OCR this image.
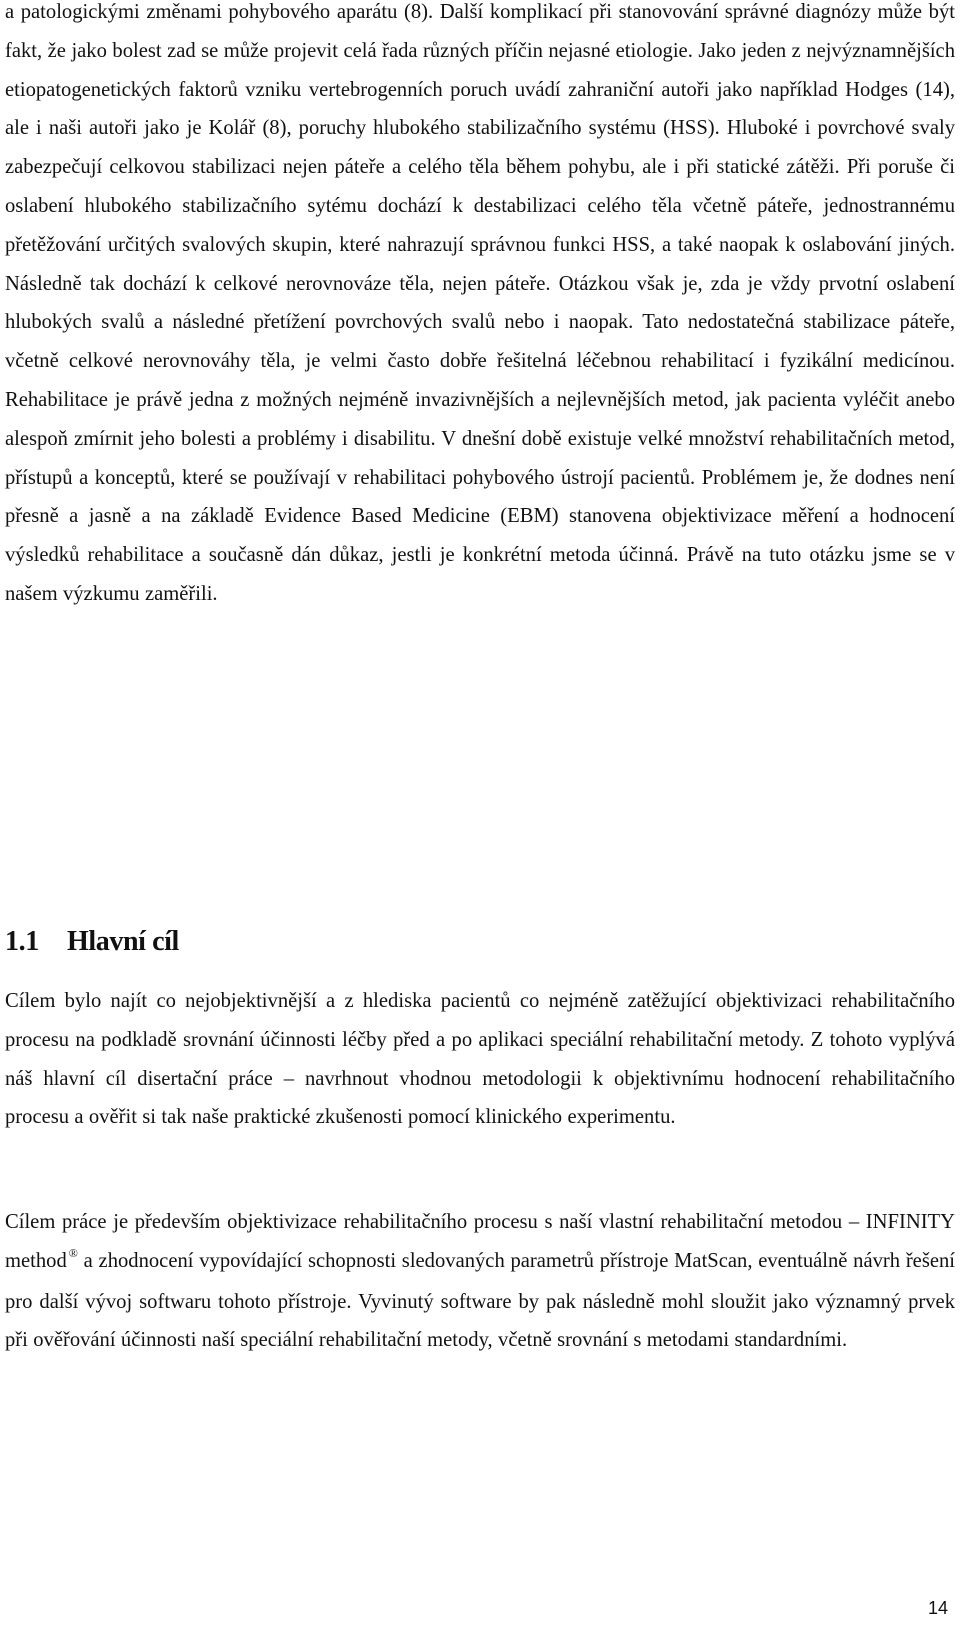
a patologickými změnami pohybového aparátu (8). Další komplikací při stanovování správné diagnózy může být fakt, že jako bolest zad se může projevit celá řada různých příčin nejasné etiologie. Jako jeden z nejvýznamnějších etiopatogenetických faktorů vzniku vertebrogenních poruch uvádí zahraniční autoři jako například Hodges (14), ale i naši autoři jako je Kolář (8), poruchy hlubokého stabilizačního systému (HSS). Hluboké i povrchové svaly zabezpečují celkovou stabilizaci nejen páteře a celého těla během pohybu, ale i při statické zátěži. Při poruše či oslabení hlubokého stabilizačního sytému dochází k destabilizaci celého těla včetně páteře, jednostrannému přetěžování určitých svalových skupin, které nahrazují správnou funkci HSS, a také naopak k oslabování jiných. Následně tak dochází k celkové nerovnováze těla, nejen páteře. Otázkou však je, zda je vždy prvotní oslabení hlubokých svalů a následné přetížení povrchových svalů nebo i naopak. Tato nedostatečná stabilizace páteře, včetně celkové nerovnováhy těla, je velmi často dobře řešitelná léčebnou rehabilitací i fyzikální medicínou. Rehabilitace je právě jedna z možných nejméně invazivnějších a nejlevnějších metod, jak pacienta vyléčit anebo alespoň zmírnit jeho bolesti a problémy i disabilitu. V dnešní době existuje velké množství rehabilitačních metod, přístupů a konceptů, které se používají v rehabilitaci pohybového ústrojí pacientů. Problémem je, že dodnes není přesně a jasně a na základě Evidence Based Medicine (EBM) stanovena objektivizace měření a hodnocení výsledků rehabilitace a současně dán důkaz, jestli je konkrétní metoda účinná. Právě na tuto otázku jsme se v našem výzkumu zaměřili.

1.1 Hlavní cíl

Cílem bylo najít co nejobjektivnější a z hlediska pacientů co nejméně zatěžující objektivizaci rehabilitačního procesu na podkladě srovnání účinnosti léčby před a po aplikaci speciální rehabilitační metody. Z tohoto vyplývá náš hlavní cíl disertační práce – navrhnout vhodnou metodologii k objektivnímu hodnocení rehabilitačního procesu a ověřit si tak naše praktické zkušenosti pomocí klinického experimentu.

Cílem práce je především objektivizace rehabilitačního procesu s naší vlastní rehabilitační metodou – INFINITY method ® a zhodnocení vypovídající schopnosti sledovaných parametrů přístroje MatScan, eventuálně návrh řešení pro další vývoj softwaru tohoto přístroje. Vyvinutý software by pak následně mohl sloužit jako významný prvek při ověřování účinnosti naší speciální rehabilitační metody, včetně srovnání s metodami standardními.

14
